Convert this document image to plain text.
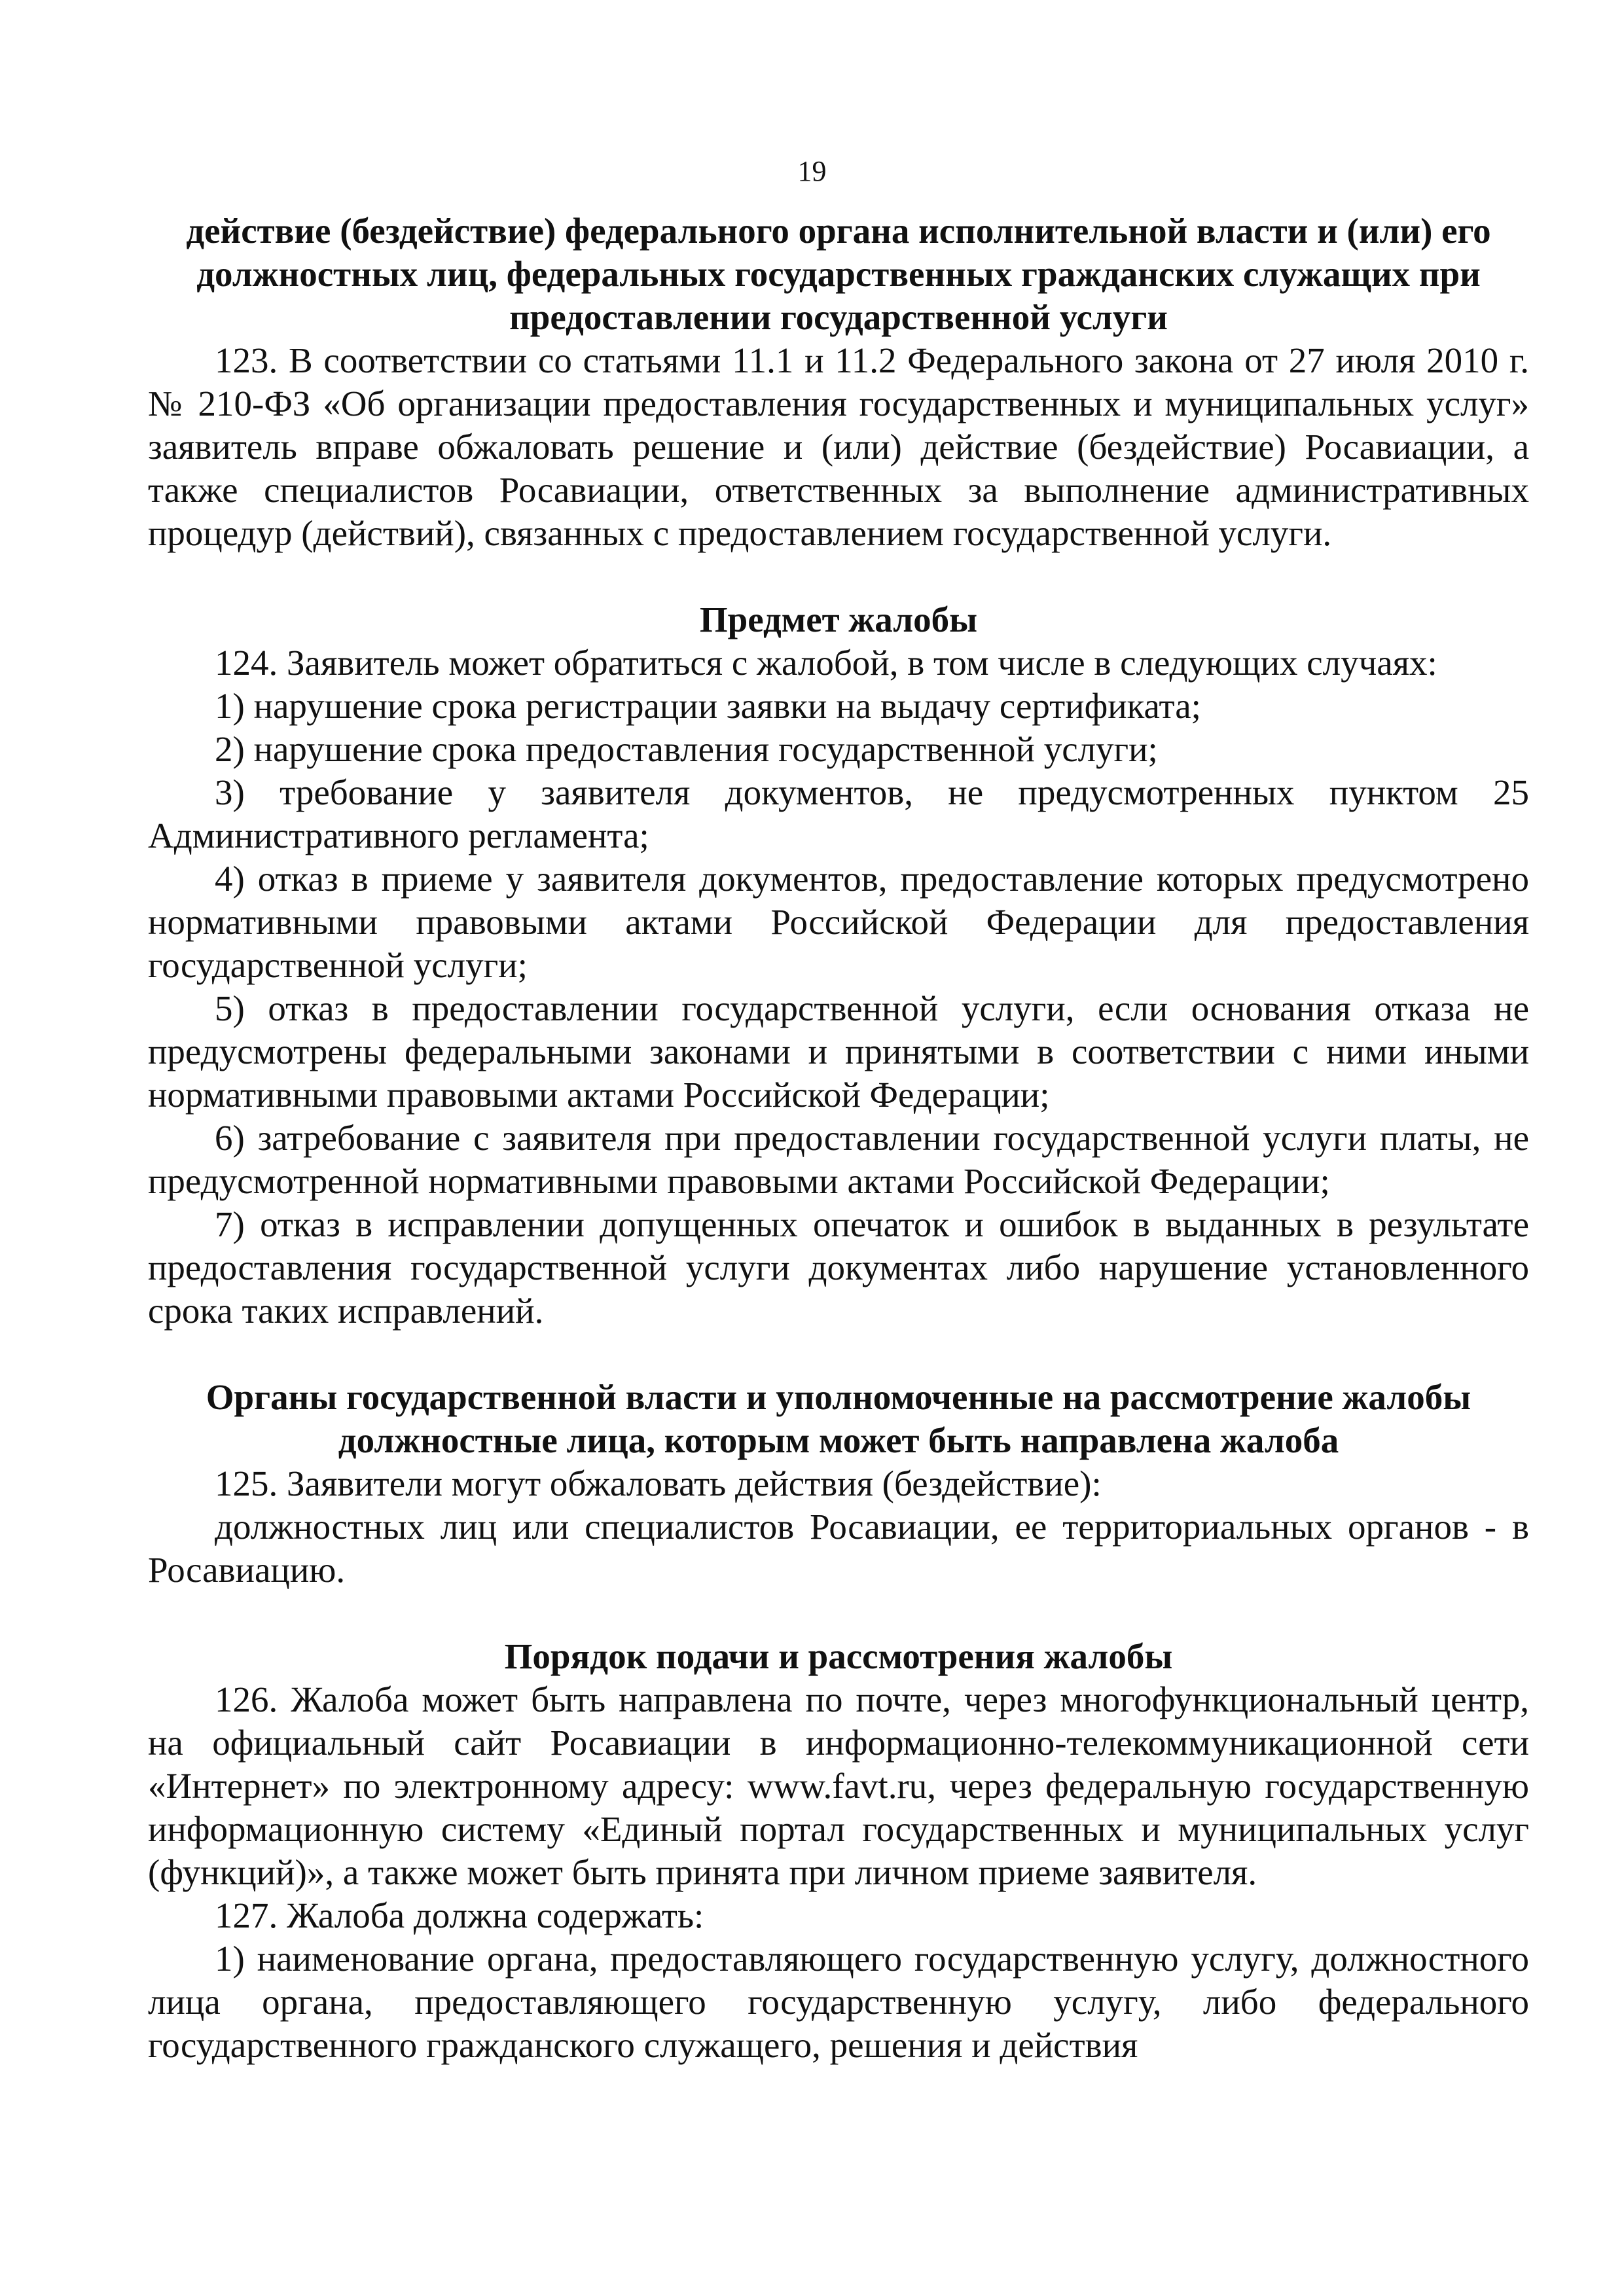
19

действие (бездействие) федерального органа исполнительной власти и (или) его должностных лиц, федеральных государственных гражданских служащих при предоставлении государственной услуги

123. В соответствии со статьями 11.1 и 11.2 Федерального закона от 27 июля 2010 г. № 210-ФЗ «Об организации предоставления государственных и муниципальных услуг» заявитель вправе обжаловать решение и (или) действие (бездействие) Росавиации, а также специалистов Росавиации, ответственных за выполнение административных процедур (действий), связанных с предоставлением государственной услуги.

Предмет жалобы

124. Заявитель может обратиться с жалобой, в том числе в следующих случаях:

1) нарушение срока регистрации заявки на выдачу сертификата;

2) нарушение срока предоставления государственной услуги;

3) требование у заявителя документов, не предусмотренных пунктом 25 Административного регламента;

4) отказ в приеме у заявителя документов, предоставление которых предусмотрено нормативными правовыми актами Российской Федерации для предоставления государственной услуги;

5) отказ в предоставлении государственной услуги, если основания отказа не предусмотрены федеральными законами и принятыми в соответствии с ними иными нормативными правовыми актами Российской Федерации;

6) затребование с заявителя при предоставлении государственной услуги платы, не предусмотренной нормативными правовыми актами Российской Федерации;

7) отказ в исправлении допущенных опечаток и ошибок в выданных в результате предоставления государственной услуги документах либо нарушение установленного срока таких исправлений.

Органы государственной власти и уполномоченные на рассмотрение жалобы должностные лица, которым может быть направлена жалоба

125. Заявители могут обжаловать действия (бездействие):

должностных лиц или специалистов Росавиации, ее территориальных органов - в Росавиацию.

Порядок подачи и рассмотрения жалобы

126. Жалоба может быть направлена по почте, через многофункциональный центр, на официальный сайт Росавиации в информационно-телекоммуникационной сети «Интернет» по электронному адресу: www.favt.ru, через федеральную государственную информационную систему «Единый портал государственных и муниципальных услуг (функций)», а также может быть принята при личном приеме заявителя.

127. Жалоба должна содержать:

1) наименование органа, предоставляющего государственную услугу, должностного лица органа, предоставляющего государственную услугу, либо федерального государственного гражданского служащего, решения и действия
